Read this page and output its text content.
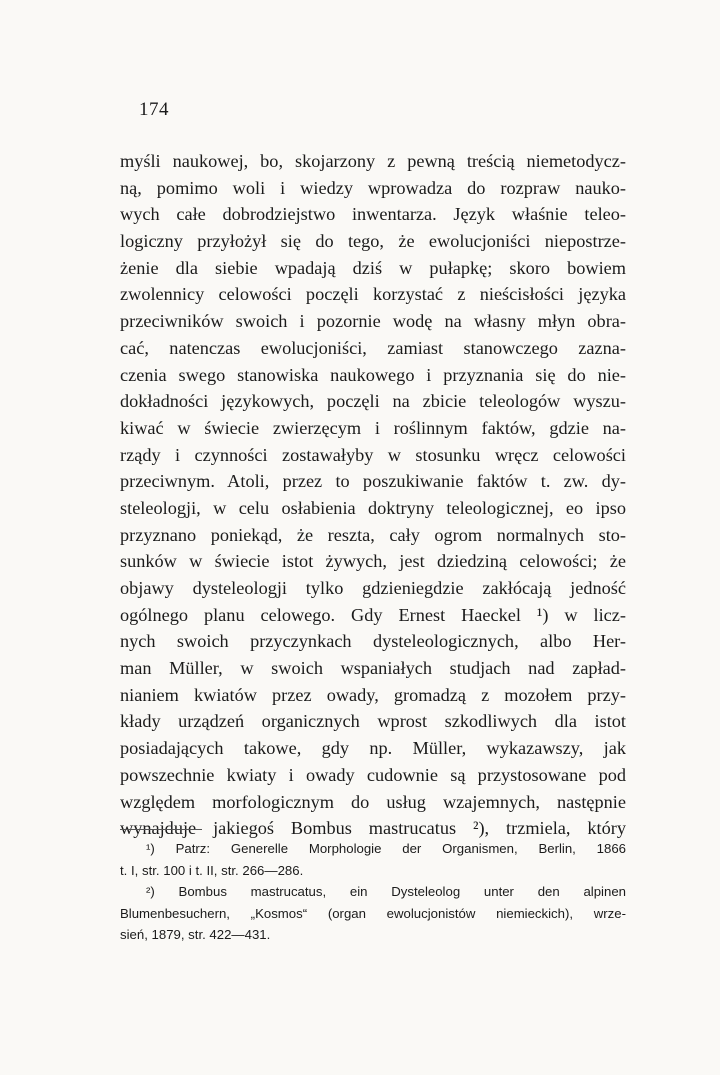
174
myśli naukowej, bo, skojarzony z pewną treścią niemetodycz-
ną, pomimo woli i wiedzy wprowadza do rozpraw nauko-
wych całe dobrodziejstwo inwentarza. Język właśnie teleo-
logiczny przyłożył się do tego, że ewolucjoniści niepostrze-
żenie dla siebie wpadają dziś w pułapkę; skoro bowiem
zwolennicy celowości poczęli korzystać z nieścisłości języka
przeciwników swoich i pozornie wodę na własny młyn obra-
cać, natenczas ewolucjoniści, zamiast stanowczego zazna-
czenia swego stanowiska naukowego i przyznania się do nie-
dokładności językowych, poczęli na zbicie teleologów wyszu-
kiwać w świecie zwierzęcym i roślinnym faktów, gdzie na-
rządy i czynności zostawałyby w stosunku wręcz celowości
przeciwnym. Atoli, przez to poszukiwanie faktów t. zw. dy-
steleologji, w celu osłabienia doktryny teleologicznej, eo ipso
przyznano poniekąd, że reszta, cały ogrom normalnych sto-
sunków w świecie istot żywych, jest dziedziną celowości; że
objawy dysteleologji tylko gdzieniegdzie zakłócają jedność
ogólnego planu celowego. Gdy Ernest Haeckel ¹) w licz-
nych swoich przyczynkach dysteleologicznych, albo Her-
man Müller, w swoich wspaniałych studjach nad zapład-
nianiem kwiatów przez owady, gromadzą z mozołem przy-
kłady urządzeń organicznych wprost szkodliwych dla istot
posiadających takowe, gdy np. Müller, wykazawszy, jak
powszechnie kwiaty i owady cudownie są przystosowane pod
względem morfologicznym do usług wzajemnych, następnie
wynajduje jakiegoś Bombus mastrucatus ²), trzmiela, który
¹) Patrz: Generelle Morphologie der Organismen, Berlin, 1866
t. I, str. 100 i t. II, str. 266—286.
²) Bombus mastrucatus, ein Dysteleolog unter den alpinen
Blumenbesuchern, „Kosmos“ (organ ewolucjonistów niemieckich), wrze-
sień, 1879, str. 422—431.
